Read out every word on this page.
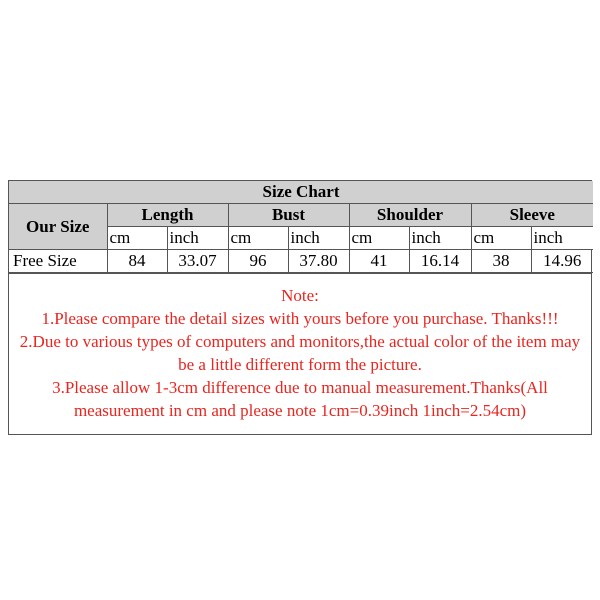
Size Chart								
Our Size	Length		Bust		Shoulder		Sleeve	
	cm	inch	cm	inch	cm	inch	cm	inch
Free Size	84	33.07	96	37.80	41	16.14	38	14.96
Note:
1.Please compare the detail sizes with yours before you purchase. Thanks!!!
2.Due to various types of computers and monitors,the actual color of the item may be a little different form the picture.
3.Please allow 1-3cm difference due to manual measurement.Thanks(All measurement in cm and please note 1cm=0.39inch 1inch=2.54cm)
